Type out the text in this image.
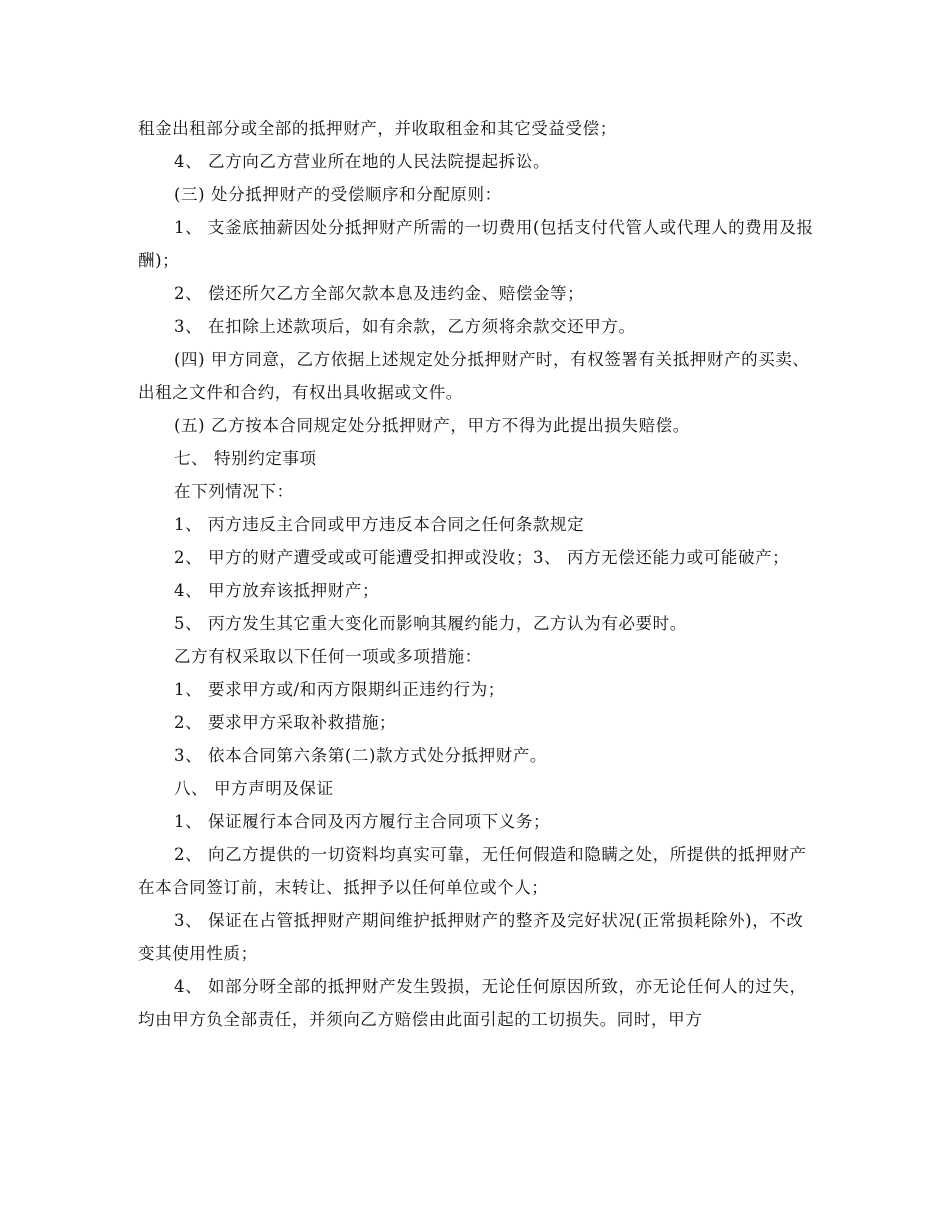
租金出租部分或全部的抵押财产，并收取租金和其它受益受偿；

4、 乙方向乙方营业所在地的人民法院提起拆讼。

(三) 处分抵押财产的受偿顺序和分配原则：

1、 支釜底抽薪因处分抵押财产所需的一切费用(包括支付代管人或代理人的费用及报酬)；

2、 偿还所欠乙方全部欠款本息及违约金、赔偿金等；

3、 在扣除上述款项后，如有余款，乙方须将余款交还甲方。

(四) 甲方同意，乙方依据上述规定处分抵押财产时，有权签署有关抵押财产的买卖、出租之文件和合约，有权出具收据或文件。

(五) 乙方按本合同规定处分抵押财产，甲方不得为此提出损失赔偿。

七、 特别约定事项

在下列情况下：

1、 丙方违反主合同或甲方违反本合同之任何条款规定

2、 甲方的财产遭受或或可能遭受扣押或没收；3、 丙方无偿还能力或可能破产；

4、 甲方放弃该抵押财产；

5、 丙方发生其它重大变化而影响其履约能力，乙方认为有必要时。

乙方有权采取以下任何一项或多项措施：

1、 要求甲方或/和丙方限期纠正违约行为；

2、 要求甲方采取补救措施；

3、 依本合同第六条第(二)款方式处分抵押财产。

八、 甲方声明及保证

1、 保证履行本合同及丙方履行主合同项下义务；

2、 向乙方提供的一切资料均真实可靠，无任何假造和隐瞒之处，所提供的抵押财产在本合同签订前，末转让、抵押予以任何单位或个人；

3、 保证在占管抵押财产期间维护抵押财产的整齐及完好状况(正常损耗除外)，不改变其使用性质；

4、 如部分呀全部的抵押财产发生毁损，无论任何原因所致，亦无论任何人的过失，均由甲方负全部责任，并须向乙方赔偿由此面引起的工切损失。同时，甲方
